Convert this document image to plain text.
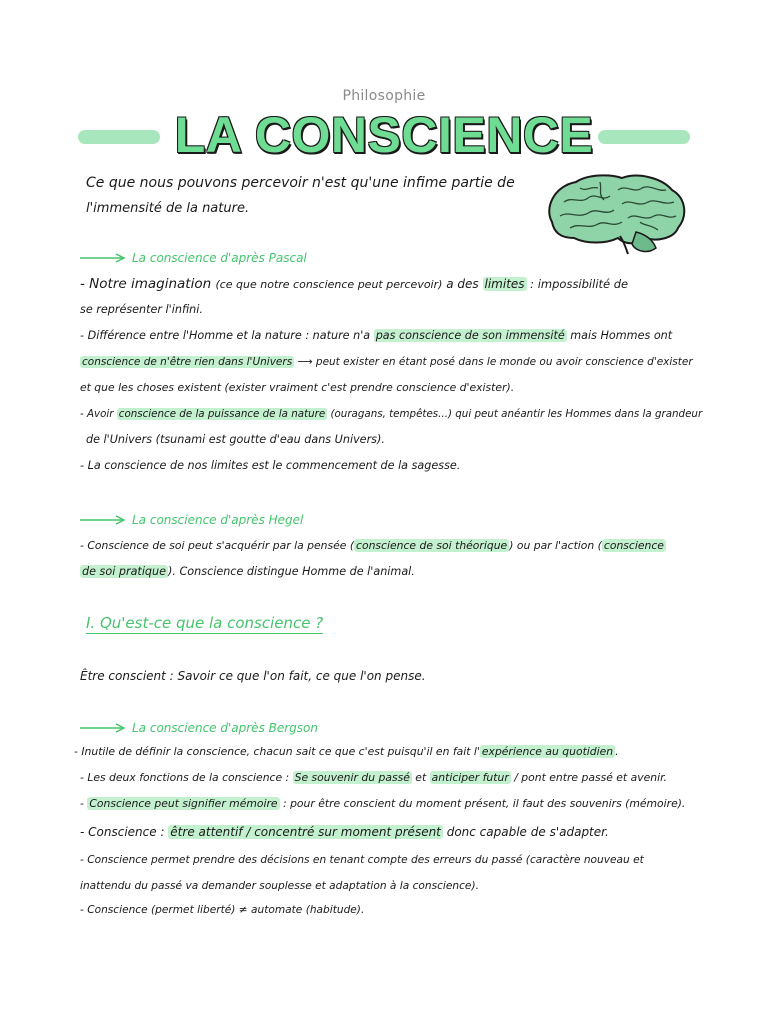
Philosophie
LA CONSCIENCE
Ce que nous pouvons percevoir n'est qu'une infime partie de
l'immensité de la nature.
La conscience d'après Pascal
- Notre imagination (ce que notre conscience peut percevoir) a des limites : impossibilité de
se représenter l'infini.
- Différence entre l'Homme et la nature : nature n'a pas conscience de son immensité mais Hommes ont
conscience de n'être rien dans l'Univers ⟶ peut exister en étant posé dans le monde ou avoir conscience d'exister
et que les choses existent (exister vraiment c'est prendre conscience d'exister).
- Avoir conscience de la puissance de la nature (ouragans, tempêtes...) qui peut anéantir les Hommes dans la grandeur
de l'Univers (tsunami est goutte d'eau dans Univers).
- La conscience de nos limites est le commencement de la sagesse.
La conscience d'après Hegel
- Conscience de soi peut s'acquérir par la pensée ( conscience de soi théorique ) ou par l'action ( conscience
de soi pratique ). Conscience distingue Homme de l'animal.
I. Qu'est-ce que la conscience ?
Être conscient : Savoir ce que l'on fait, ce que l'on pense.
La conscience d'après Bergson
- Inutile de définir la conscience, chacun sait ce que c'est puisqu'il en fait l' expérience au quotidien .
- Les deux fonctions de la conscience : Se souvenir du passé et anticiper futur / pont entre passé et avenir.
- Conscience peut signifier mémoire : pour être conscient du moment présent, il faut des souvenirs (mémoire).
- Conscience : être attentif / concentré sur moment présent donc capable de s'adapter.
- Conscience permet prendre des décisions en tenant compte des erreurs du passé (caractère nouveau et
inattendu du passé va demander souplesse et adaptation à la conscience).
- Conscience (permet liberté) ≠ automate (habitude).
